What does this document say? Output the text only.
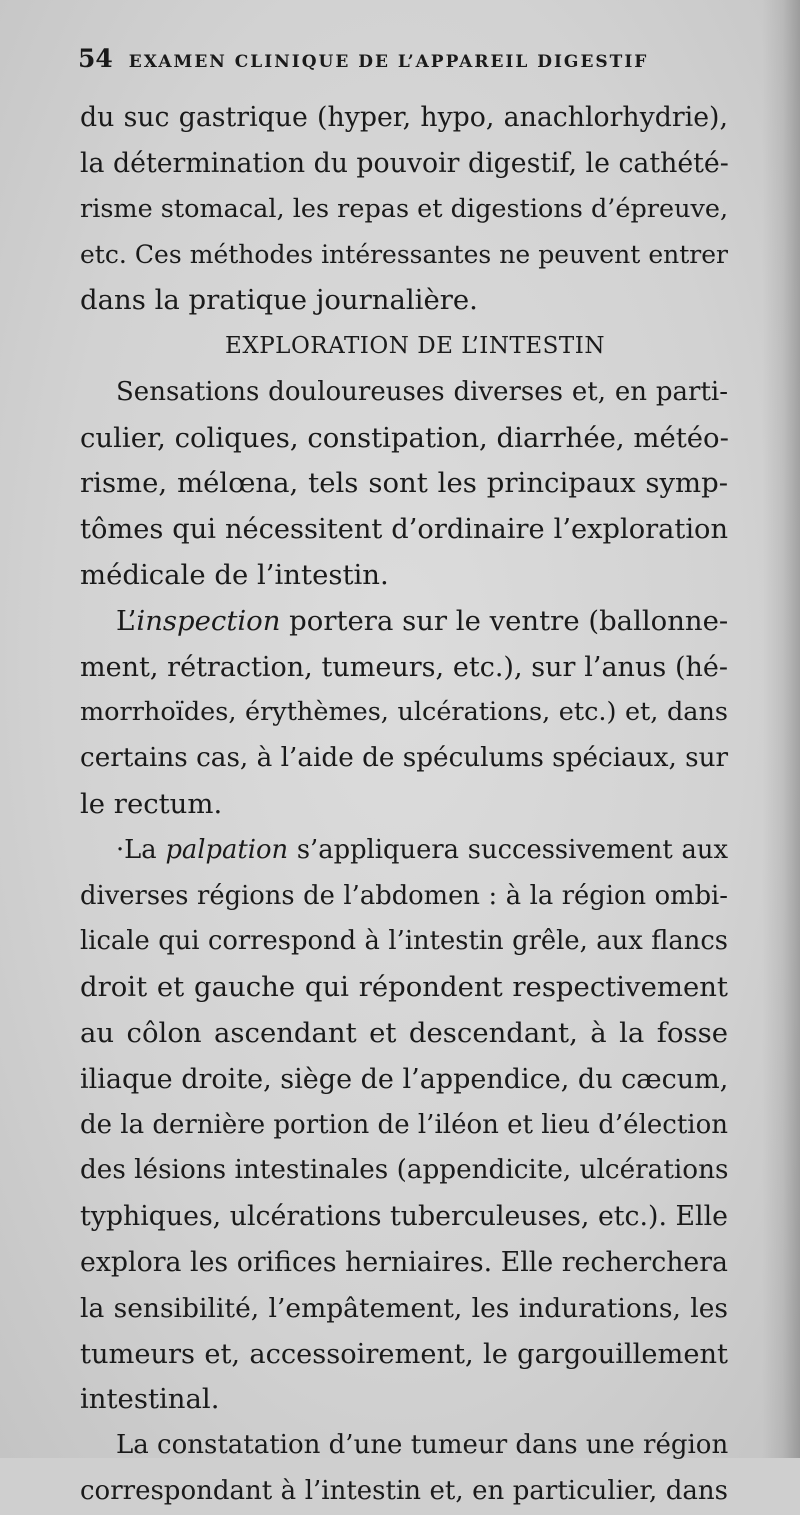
54 EXAMEN CLINIQUE DE L’APPAREIL DIGESTIF
du suc gastrique (hyper, hypo, anachlorhydrie),
la détermination du pouvoir digestif, le cathété-
risme stomacal, les repas et digestions d’épreuve,
etc. Ces méthodes intéressantes ne peuvent entrer
dans la pratique journalière.
EXPLORATION DE L’INTESTIN
Sensations douloureuses diverses et, en parti-
culier, coliques, constipation, diarrhée, météo-
risme, mélœna, tels sont les principaux symp-
tômes qui nécessitent d’ordinaire l’exploration
médicale de l’intestin.
L’inspection portera sur le ventre (ballonne-
ment, rétraction, tumeurs, etc.), sur l’anus (hé-
morrhoïdes, érythèmes, ulcérations, etc.) et, dans
certains cas, à l’aide de spéculums spéciaux, sur
le rectum.
·La palpation s’appliquera successivement aux
diverses régions de l’abdomen : à la région ombi-
licale qui correspond à l’intestin grêle, aux flancs
droit et gauche qui répondent respectivement
au côlon ascendant et descendant, à la fosse
iliaque droite, siège de l’appendice, du cæcum,
de la dernière portion de l’iléon et lieu d’élection
des lésions intestinales (appendicite, ulcérations
typhiques, ulcérations tuberculeuses, etc.). Elle
explora les orifices herniaires. Elle recherchera
la sensibilité, l’empâtement, les indurations, les
tumeurs et, accessoirement, le gargouillement
intestinal.
La constatation d’une tumeur dans une région
correspondant à l’intestin et, en particulier, dans
